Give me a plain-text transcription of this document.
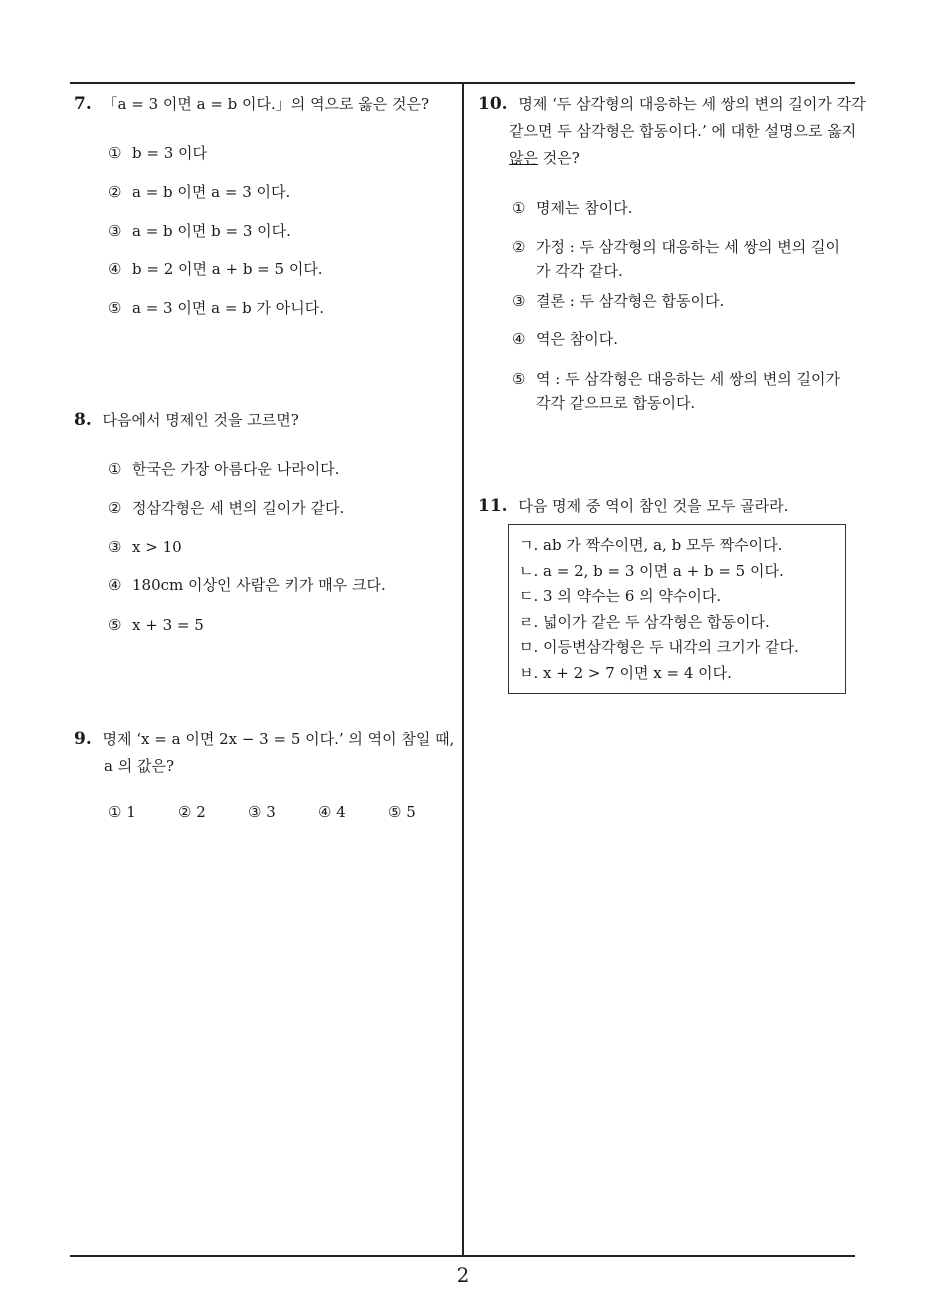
7. 「a = 3 이면 a = b 이다.」의 역으로 옳은 것은?
① b = 3 이다
② a = b 이면 a = 3 이다.
③ a = b 이면 b = 3 이다.
④ b = 2 이면 a + b = 5 이다.
⑤ a = 3 이면 a = b 가 아니다.
8. 다음에서 명제인 것을 고르면?
① 한국은 가장 아름다운 나라이다.
② 정삼각형은 세 변의 길이가 같다.
③ x > 10
④ 180cm 이상인 사람은 키가 매우 크다.
⑤ x + 3 = 5
9. 명제 ‘x = a 이면 2x − 3 = 5 이다.’ 의 역이 참일 때,
a 의 값은?
① 1	② 2	③ 3	④ 4	⑤ 5
10. 명제 ‘두 삼각형의 대응하는 세 쌍의 변의 길이가 각각
같으면 두 삼각형은 합동이다.’ 에 대한 설명으로 옳지
않은 것은?
① 명제는 참이다.
② 가정 : 두 삼각형의 대응하는 세 쌍의 변의 길이
가 각각 같다.
③ 결론 : 두 삼각형은 합동이다.
④ 역은 참이다.
⑤ 역 : 두 삼각형은 대응하는 세 쌍의 변의 길이가
각각 같으므로 합동이다.
11. 다음 명제 중 역이 참인 것을 모두 골라라.
ㄱ. ab 가 짝수이면, a, b 모두 짝수이다.
ㄴ. a = 2, b = 3 이면 a + b = 5 이다.
ㄷ. 3 의 약수는 6 의 약수이다.
ㄹ. 넓이가 같은 두 삼각형은 합동이다.
ㅁ. 이등변삼각형은 두 내각의 크기가 같다.
ㅂ. x + 2 > 7 이면 x = 4 이다.
2
